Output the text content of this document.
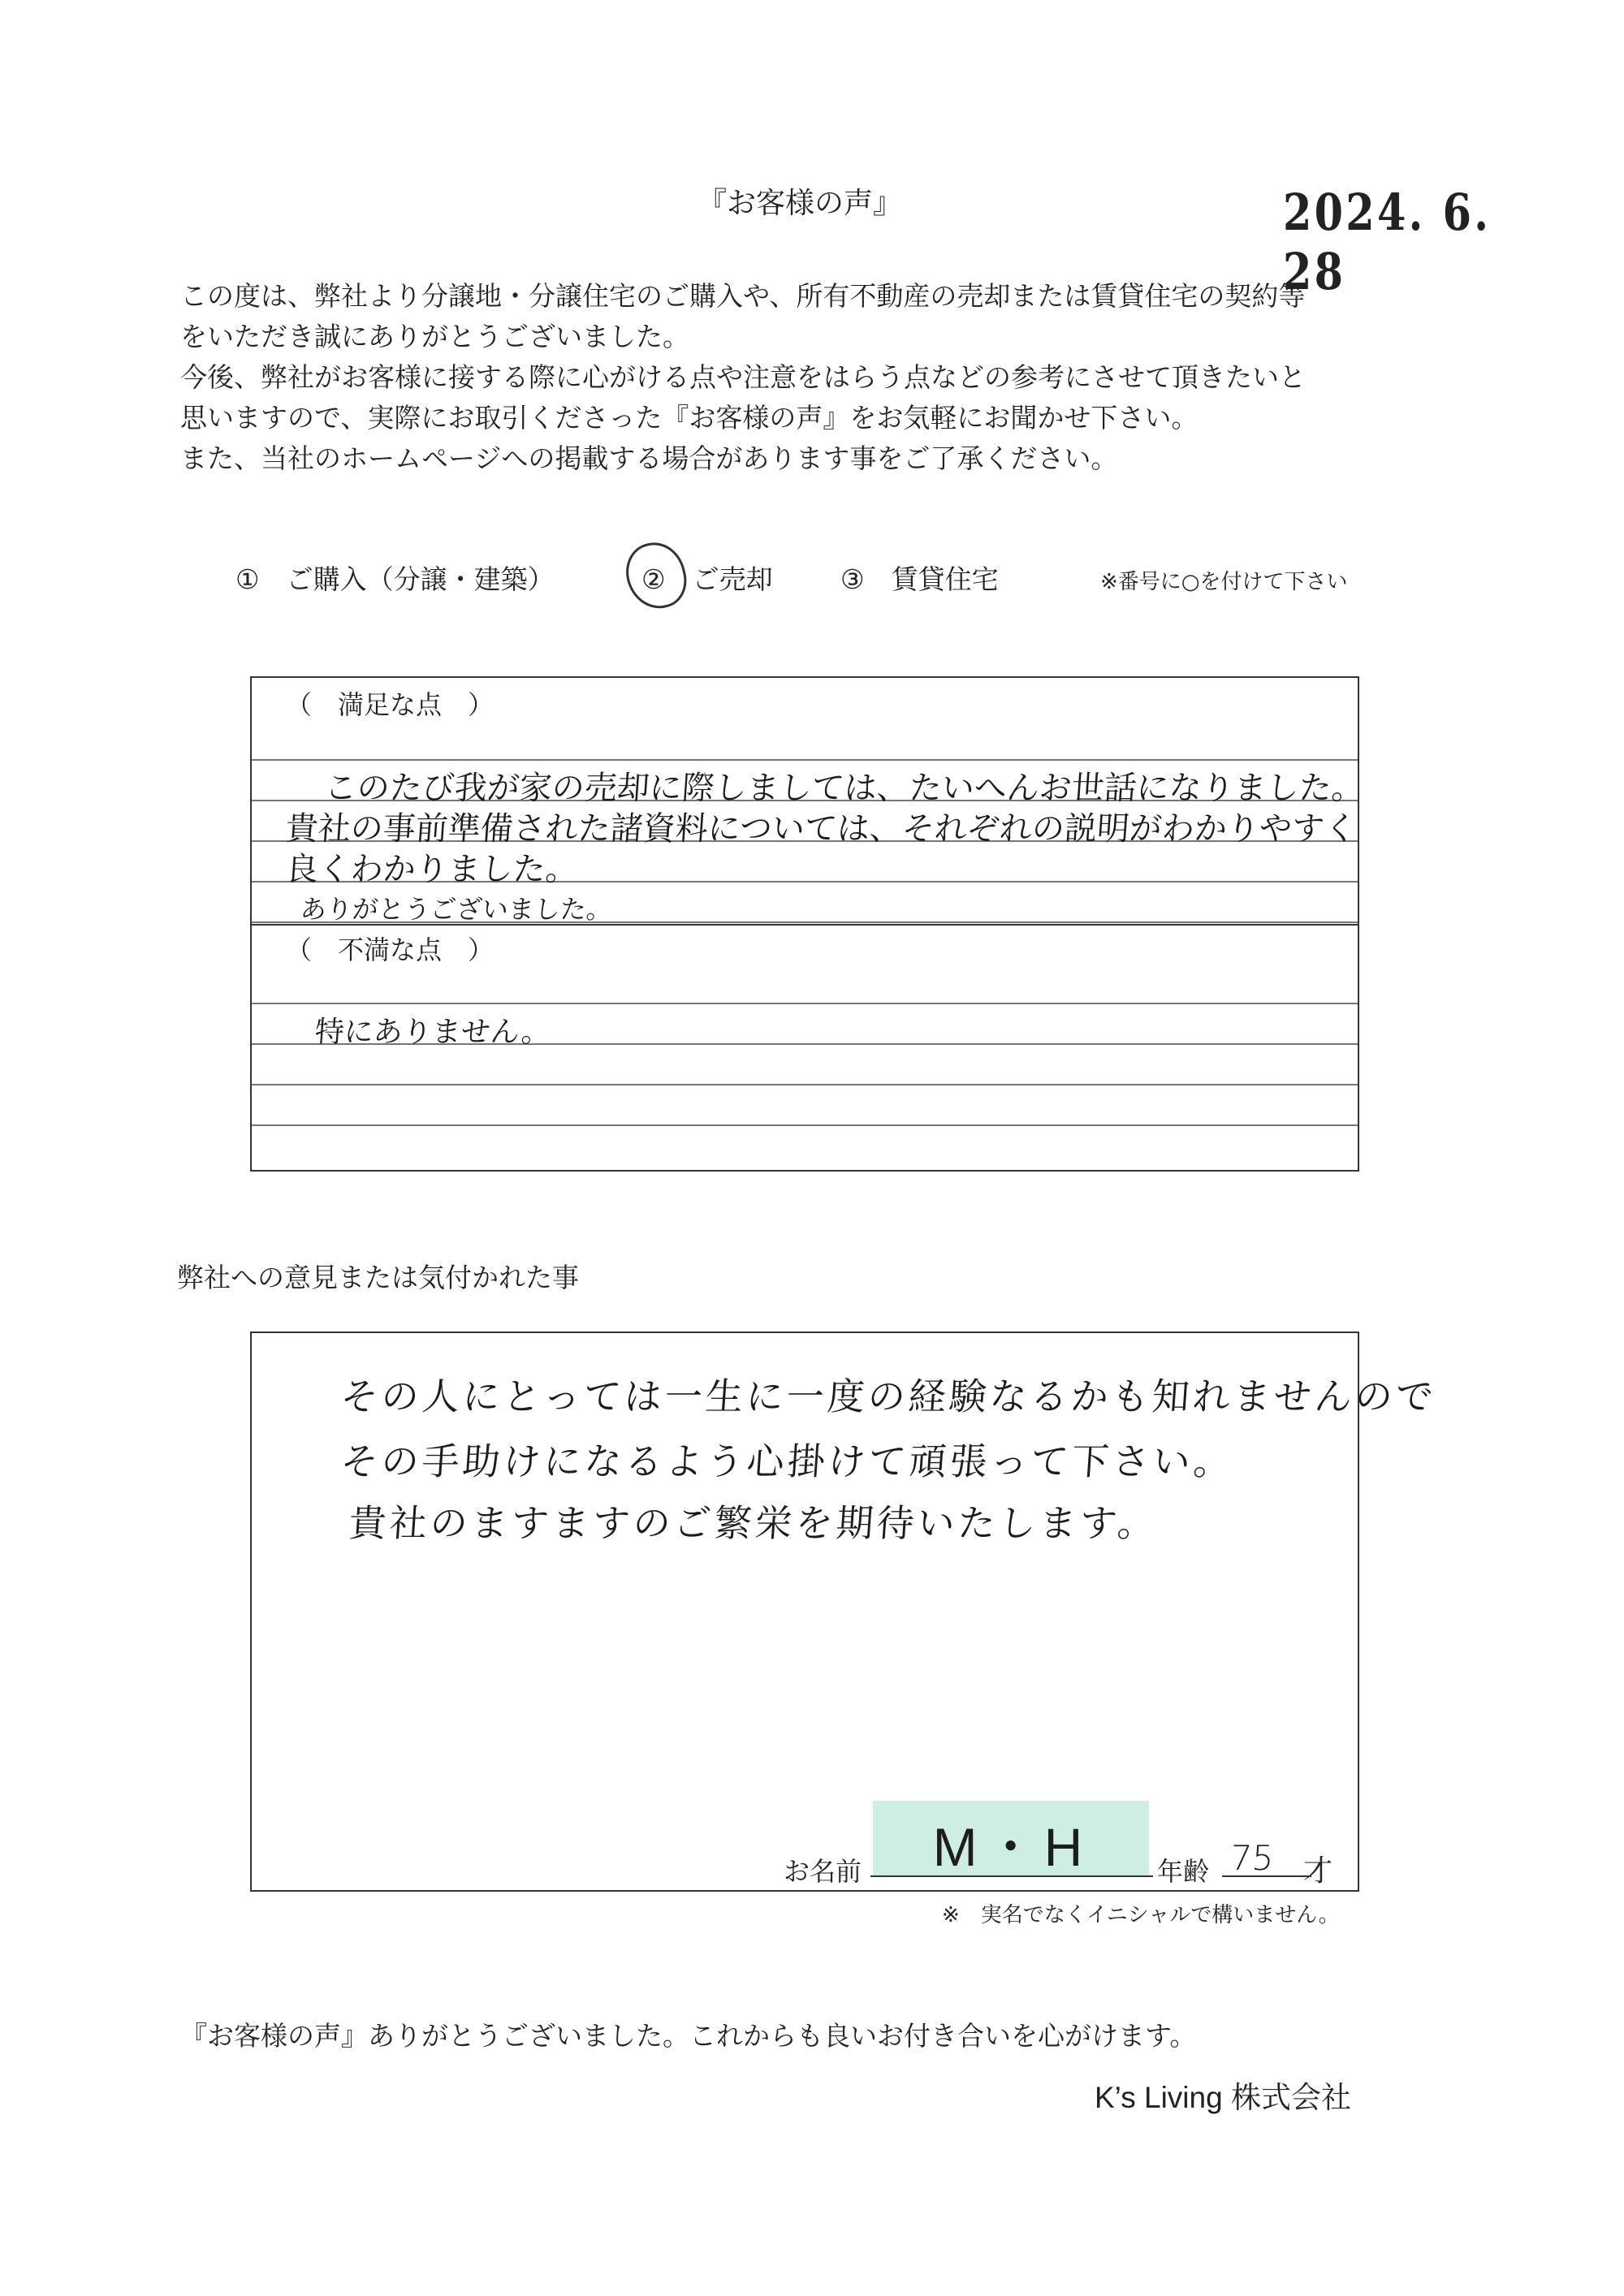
『お客様の声』	2024. 6. 28
この度は、弊社より分譲地・分譲住宅のご購入や、所有不動産の売却または賃貸住宅の契約等
をいただき誠にありがとうございました。
今後、弊社がお客様に接する際に心がける点や注意をはらう点などの参考にさせて頂きたいと
思いますので、実際にお取引くださった『お客様の声』をお気軽にお聞かせ下さい。
また、当社のホームページへの掲載する場合があります事をご了承ください。
①　ご購入（分譲・建築）	②　ご売却	③　賃貸住宅	※番号に○を付けて下さい
（　満足な点　）
このたび我が家の売却に際しましては、たいへんお世話になりました。
貴社の事前準備された諸資料については、それぞれの説明がわかりやすく
良くわかりました。
ありがとうございました。
（　不満な点　）
特にありません。
弊社への意見または気付かれた事
その人にとっては一生に一度の経験なるかも知れませんので
その手助けになるよう心掛けて頑張って下さい。
貴社のますますのご繁栄を期待いたします。
M・H
お名前	年齢 75 才
※　実名でなくイニシャルで構いません。
『お客様の声』ありがとうございました。これからも良いお付き合いを心がけます。
K’s Living 株式会社
